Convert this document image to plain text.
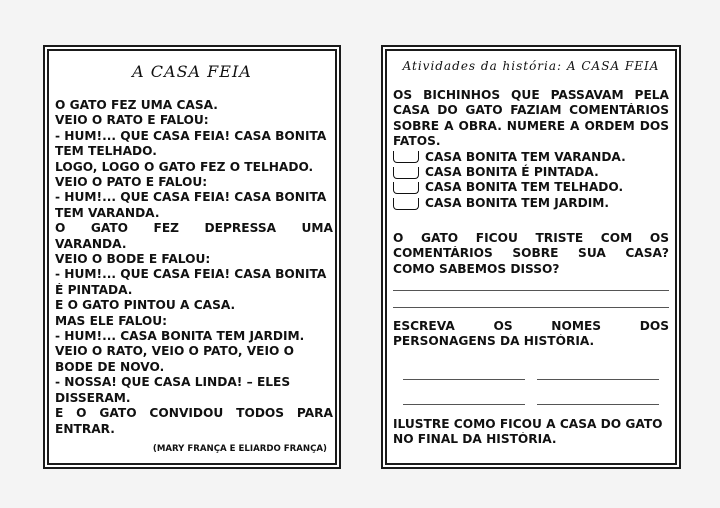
A CASA FEIA
O GATO FEZ UMA CASA.
VEIO O RATO E FALOU:
- HUM!... QUE CASA FEIA! CASA BONITA
TEM TELHADO.
LOGO, LOGO O GATO FEZ O TELHADO.
VEIO O PATO E FALOU:
- HUM!... QUE CASA FEIA! CASA BONITA
TEM VARANDA.
O GATO FEZ DEPRESSA UMA
VARANDA.
VEIO O BODE E FALOU:
- HUM!... QUE CASA FEIA! CASA BONITA
É PINTADA.
E O GATO PINTOU A CASA.
MAS ELE FALOU:
- HUM!... CASA BONITA TEM JARDIM.
VEIO O RATO, VEIO O PATO, VEIO O
BODE DE NOVO.
- NOSSA! QUE CASA LINDA! – ELES
DISSERAM.
E O GATO CONVIDOU TODOS PARA
ENTRAR.
(MARY FRANÇA E ELIARDO FRANÇA)
Atividades da história: A CASA FEIA
OS BICHINHOS QUE PASSAVAM PELA
CASA DO GATO FAZIAM COMENTÁRIOS
SOBRE A OBRA. NUMERE A ORDEM DOS
FATOS.
CASA BONITA TEM VARANDA.
CASA BONITA É PINTADA.
CASA BONITA TEM TELHADO.
CASA BONITA TEM JARDIM.
O GATO FICOU TRISTE COM OS
COMENTÁRIOS SOBRE SUA CASA?
COMO SABEMOS DISSO?
ESCREVA OS NOMES DOS
PERSONAGENS DA HISTÓRIA.
ILUSTRE COMO FICOU A CASA DO GATO
NO FINAL DA HISTÓRIA.
